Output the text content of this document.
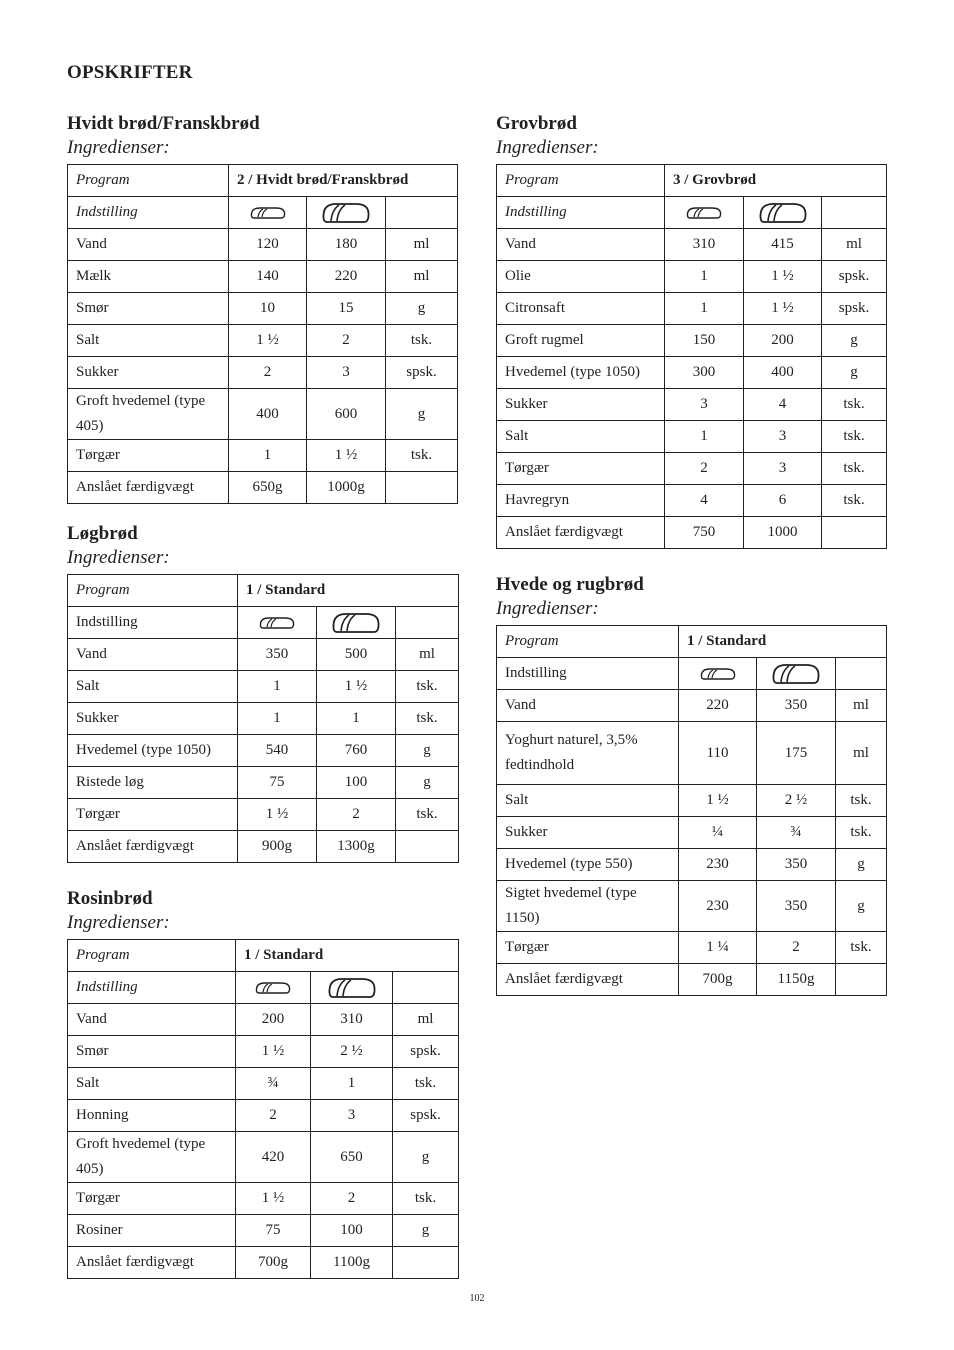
OPSKRIFTER
Hvidt brød/Franskbrød
Ingredienser:
Program	2 / Hvidt brød/Franskbrød		
Indstilling	

Vand	120	180	ml
Mælk	140	220	ml
Smør	10	15	g
Salt	1 ½	2	tsk.
Sukker	2	3	spsk.
Groft hvedemel (type 405)	400	600	g
Tørgær	1	1 ½	tsk.
Anslået færdigvægt	650g	1000g	
Løgbrød
Ingredienser:
Program	1 / Standard		
Indstilling	

Vand	350	500	ml
Salt	1	1 ½	tsk.
Sukker	1	1	tsk.
Hvedemel (type 1050)	540	760	g
Ristede løg	75	100	g
Tørgær	1 ½	2	tsk.
Anslået færdigvægt	900g	1300g	
Rosinbrød
Ingredienser:
Program	1 / Standard		
Indstilling	

Vand	200	310	ml
Smør	1 ½	2 ½	spsk.
Salt	¾	1	tsk.
Honning	2	3	spsk.
Groft hvedemel (type 405)	420	650	g
Tørgær	1 ½	2	tsk.
Rosiner	75	100	g
Anslået færdigvægt	700g	1100g	
Grovbrød
Ingredienser:
Program	3 / Grovbrød		
Indstilling	

Vand	310	415	ml
Olie	1	1 ½	spsk.
Citronsaft	1	1 ½	spsk.
Groft rugmel	150	200	g
Hvedemel (type 1050)	300	400	g
Sukker	3	4	tsk.
Salt	1	3	tsk.
Tørgær	2	3	tsk.
Havregryn	4	6	tsk.
Anslået færdigvægt	750	1000	
Hvede og rugbrød
Ingredienser:
Program	1 / Standard		
Indstilling	

Vand	220	350	ml
Yoghurt naturel, 3,5% fedtindhold	110	175	ml
Salt	1 ½	2 ½	tsk.
Sukker	¼	¾	tsk.
Hvedemel (type 550)	230	350	g
Sigtet hvedemel (type 1150)	230	350	g
Tørgær	1 ¼	2	tsk.
Anslået færdigvægt	700g	1150g	
102
